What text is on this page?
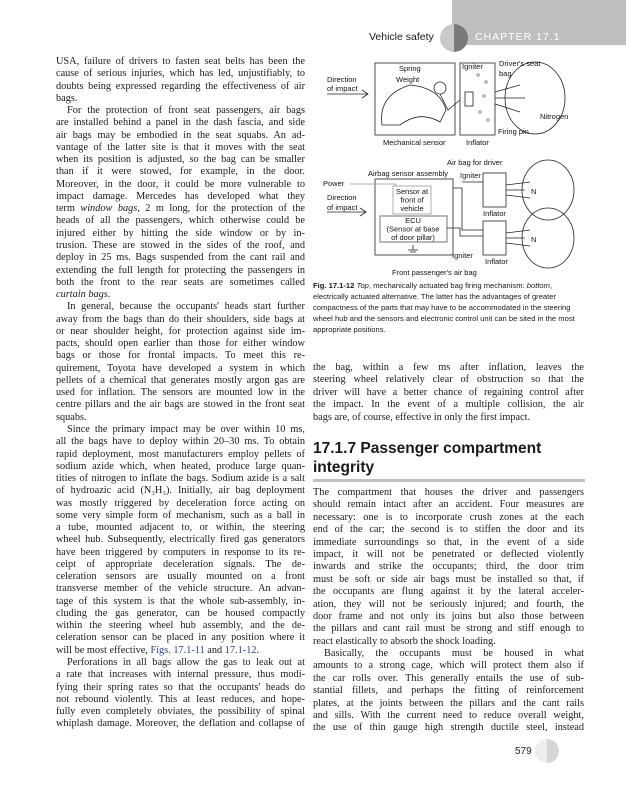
Vehicle safety	CHAPTER 17.1
USA, failure of drivers to fasten seat belts has been the
cause of serious injuries, which has led, unjustifiably, to
doubts being expressed regarding the effectiveness of air
bags.
For the protection of front seat passengers, air bags
are installed behind a panel in the dash fascia, and side
air bags may be embodied in the seat squabs. An ad-
vantage of the latter site is that it moves with the seat
when its position is adjusted, so the bag can be smaller
than if it were stowed, for example, in the door.
Moreover, in the door, it could be more vulnerable to
impact damage. Mercedes has developed what they
term window bags, 2 m long, for the protection of the
heads of all the passengers, which otherwise could be
injured either by hitting the side window or by in-
trusion. These are stowed in the sides of the roof, and
deploy in 25 ms. Bags suspended from the cant rail and
extending the full length for protecting the passengers in
both the front to the rear seats are sometimes called
curtain bags.
In general, because the occupants' heads start further
away from the bags than do their shoulders, side bags at
or near shoulder height, for protection against side im-
pacts, should open earlier than those for either window
bags or those for frontal impacts. To meet this re-
quirement, Toyota have developed a system in which
pellets of a chemical that generates mostly argon gas are
used for inflation. The sensors are mounted low in the
centre pillars and the air bags are stowed in the front seat
squabs.
Since the primary impact may be over within 10 ms,
all the bags have to deploy within 20–30 ms. To obtain
rapid deployment, most manufacturers employ pellets of
sodium azide which, when heated, produce large quan-
tities of nitrogen to inflate the bags. Sodium azide is a salt
of hydroazic acid (N₃H₃). Initially, air bag deployment
was mostly triggered by deceleration force acting on
some very simple form of mechanism, such as a ball in
a tube, mounted adjacent to, or within, the steering
wheel hub. Subsequently, electrically fired gas generators
have been triggered by computers in response to its re-
ceipt of appropriate deceleration signals. The de-
celeration sensors are usually mounted on a front
transverse member of the vehicle structure. An advan-
tage of this system is that the whole sub-assembly, in-
cluding the gas generator, can be housed compactly
within the steering wheel hub assembly, and the de-
celeration sensor can be placed in any position where it
will be most effective, Figs. 17.1-11 and 17.1-12.
Perforations in all bags allow the gas to leak out at
a rate that increases with internal pressure, thus modi-
fying their spring rates so that the occupants' heads do
not rebound violently. This at least reduces, and hope-
fully even completely obviates, the possibility of spinal
whiplash damage. Moreover, the deflation and collapse of
Spring
Weight
Igniter Driver's seat
bag
Direction
of impact
Nitrogen
Firing pin
Mechanical sensor	Inflator
Air bag for driver
Airbag sensor assembly Igniter
Power
Direction
of impact
Sensor at
front of
vehicle
ECU
(Sensor at base
of door pillar)
N
N
Inflator
Inflator
Igniter
Front passenger's air bag
Fig. 17.1-12 Top, mechanically actuated bag firing mechanism: bottom, electrically actuated alternative. The latter has the advantages of greater compactness of the parts that may have to be accommodated in the steering wheel hub and the sensors and electronic control unit can be sited in the most appropriate positions.
the bag, within a few ms after inflation, leaves the
steering wheel relatively clear of obstruction so that the
driver will have a better chance of regaining control after
the impact. In the event of a multiple collision, the air
bags are, of course, effective in only the first impact.
17.1.7 Passenger compartment integrity
The compartment that houses the driver and passengers
should remain intact after an accident. Four measures are
necessary: one is to incorporate crush zones at the each
end of the car; the second is to stiffen the door and its
immediate surroundings so that, in the event of a side
impact, it will not be penetrated or deflected violently
inwards and strike the occupants; third, the door trim
must be soft or side air bags must be installed so that, if
the occupants are flung against it by the lateral acceler-
ation, they will not be seriously injured; and fourth, the
door frame and not only its joins but also those between
the pillars and cant rail must be strong and stiff enough to
react elastically to absorb the shock loading.
Basically, the occupants must be housed in what
amounts to a strong cage, which will protect them also if
the car rolls over. This generally entails the use of sub-
stantial fillets, and perhaps the fitting of reinforcement
plates, at the joints between the pillars and the cant rails
and sills. With the current need to reduce overall weight,
the use of thin gauge high strength ductile steel, instead
579
